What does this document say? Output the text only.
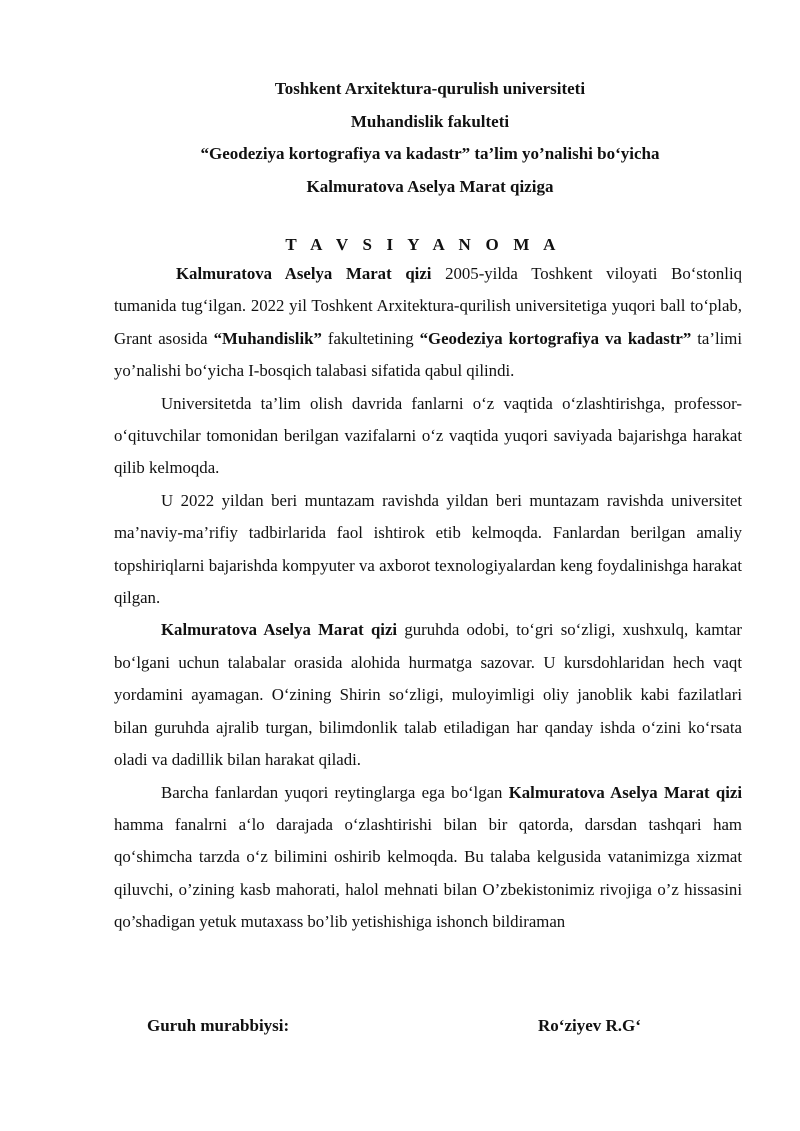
Toshkent Arxitektura-qurulish universiteti
Muhandislik fakulteti
“Geodeziya kortografiya va kadastr” ta’lim yo’nalishi bo‘yicha
Kalmuratova Aselya Marat qiziga
T A V S I Y A N O M A

Kalmuratova Aselya Marat qizi 2005-yilda Toshkent viloyati Bo‘stonliq tumanida tug‘ilgan. 2022 yil Toshkent Arxitektura-qurilish universitetiga yuqori ball to‘plab, Grant asosida “Muhandislik” fakultetining “Geodeziya kortografiya va kadastr” ta’limi yo’nalishi bo‘yicha I-bosqich talabasi sifatida qabul qilindi.

Universitetda ta’lim olish davrida fanlarni o‘z vaqtida o‘zlashtirishga, professor-o‘qituvchilar tomonidan berilgan vazifalarni o‘z vaqtida yuqori saviyada bajarishga harakat qilib kelmoqda.

U 2022 yildan beri muntazam ravishda yildan beri muntazam ravishda universitet ma’naviy-ma’rifiy tadbirlarida faol ishtirok etib kelmoqda. Fanlardan berilgan amaliy topshiriqlarni bajarishda kompyuter va axborot texnologiyalardan keng foydalinishga harakat qilgan.

Kalmuratova Aselya Marat qizi guruhda odobi, to‘gri so‘zligi, xushxulq, kamtar bo‘lgani uchun talabalar orasida alohida hurmatga sazovar. U kursdohlaridan hech vaqt yordamini ayamagan. O‘zining Shirin so‘zligi, muloyimligi oliy janoblik kabi fazilatlari bilan guruhda ajralib turgan, bilimdonlik talab etiladigan har qanday ishda o‘zini ko‘rsata oladi va dadillik bilan harakat qiladi.

Barcha fanlardan yuqori reytinglarga ega bo‘lgan Kalmuratova Aselya Marat qizi hamma fanalrni a‘lo darajada o‘zlashtirishi bilan bir qatorda, darsdan tashqari ham qo‘shimcha tarzda o‘z bilimini oshirib kelmoqda. Bu talaba kelgusida vatanimizga xizmat qiluvchi, o’zining kasb mahorati, halol mehnati bilan O’zbekistonimiz rivojiga o’z hissasini qo’shadigan yetuk mutaxass bo’lib yetishishiga ishonch bildiraman

Guruh murabbiysi:	Ro‘ziyev R.G‘
